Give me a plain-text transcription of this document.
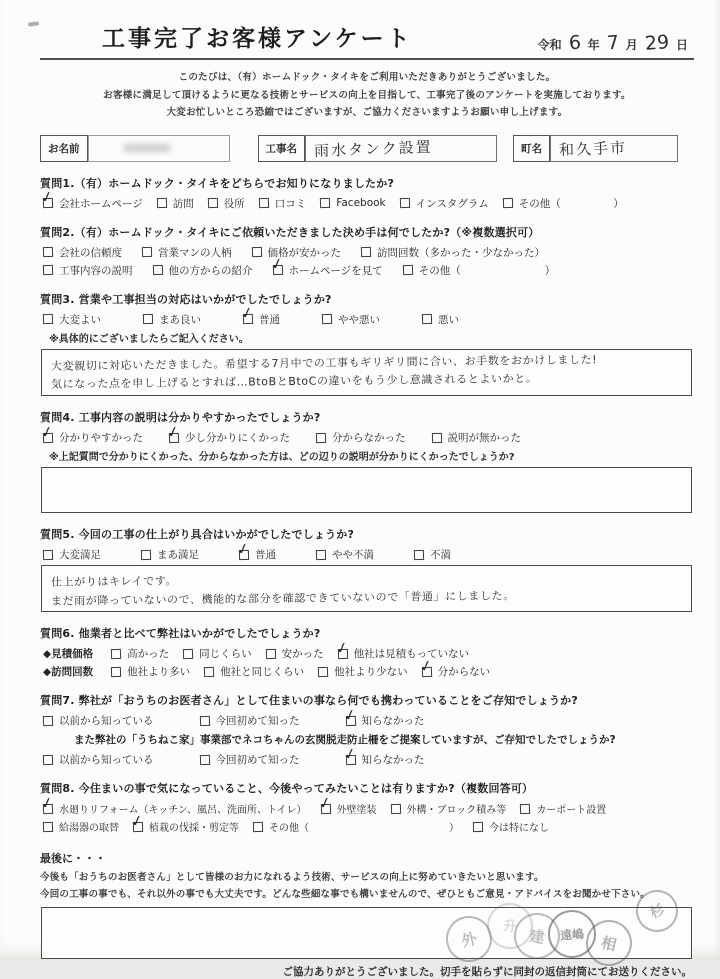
工事完了お客様アンケート	令和 6 年 7 月 29 日
このたびは、（有）ホームドック・タイキをご利用いただきありがとうございました。
お客様に満足して頂けるように更なる技術とサービスの向上を目指して、工事完了後のアンケートを実施しております。
大変お忙しいところ恐縮ではございますが、ご協力くださいますようお願い申し上げます。
お名前	工事名	雨水タンク設置	町名	和久手市
質問1.（有）ホームドック・タイキをどちらでお知りになりましたか?
✓ 会社ホームページ	訪問	役所	口コミ	Facebook	インスタグラム	その他（　　　　　）
質問2.（有）ホームドック・タイキにご依頼いただきました決め手は何でしたか?（※複数選択可）
会社の信頼度	営業マンの人柄	価格が安かった	訪問回数（多かった・少なかった）
工事内容の説明	他の方からの紹介 ✓ ホームページを見て	その他（　　　　　　　　）
質問3. 営業や工事担当の対応はいかがでしたでしょうか?
大変よい	まあ良い	✓ 普通	やや悪い	悪い
※具体的にございましたらご記入ください。
大変親切に対応いただきました。希望する7月中での工事もギリギリ間に合い、お手数をおかけしました!
気になった点を申し上げるとすれば…BtoBとBtoCの違いをもう少し意識されるとよいかと。
質問4. 工事内容の説明は分かりやすかったでしょうか?
✓ 分かりやすかった ✓ 少し分かりにくかった	分からなかった	説明が無かった
※上記質問で分かりにくかった、分からなかった方は、どの辺りの説明が分かりにくかったでしょうか?
質問5. 今回の工事の仕上がり具合はいかがでしたでしょうか?
大変満足	まあ満足 ✓ 普通	やや不満	不満
仕上がりはキレイです。
まだ雨が降っていないので、機能的な部分を確認できていないので「普通」にしました。
質問6. 他業者と比べて弊社はいかがでしたでしょうか?
◆見積価格	高かった	同じくらい	安かった ✓ 他社は見積もっていない
◆訪問回数	他社より多い	他社と同じくらい	他社より少ない ✓ 分からない
質問7. 弊社が「おうちのお医者さん」として住まいの事なら何でも携わっていることをご存知でしょうか?
以前から知っている	今回初めて知った	✓ 知らなかった
また弊社の「うちねこ家」事業部でネコちゃんの玄関脱走防止柵をご提案していますが、ご存知でしたでしょうか?
以前から知っている	今回初めて知った	✓ 知らなかった
質問8. 今住まいの事で気になっていること、今後やってみたいことは有りますか?（複数回答可）
✓ 水廻りリフォーム（キッチン、風呂、洗面所、トイレ） ✓ 外壁塗装	外構・ブロック積み等	カーポート設置
給湯器の取替 ✓ 植栽の伐採・剪定等	その他（　　　　　　　　　　　　　　）	今は特になし
最後に・・・
今後も「おうちのお医者さん」として皆様のお力になれるよう技術、サービスの向上に努めていきたいと思います。
今回の工事の事でも、それ以外の事でも大丈夫です。どんな些細な事でも構いませんので、ぜひともご意見・アドバイスをお聞かせ下さい。
ご協力ありがとうございました。切手を貼らずに同封の返信封筒にてお送りください。
外
升 建 遠嶋 相
杉
